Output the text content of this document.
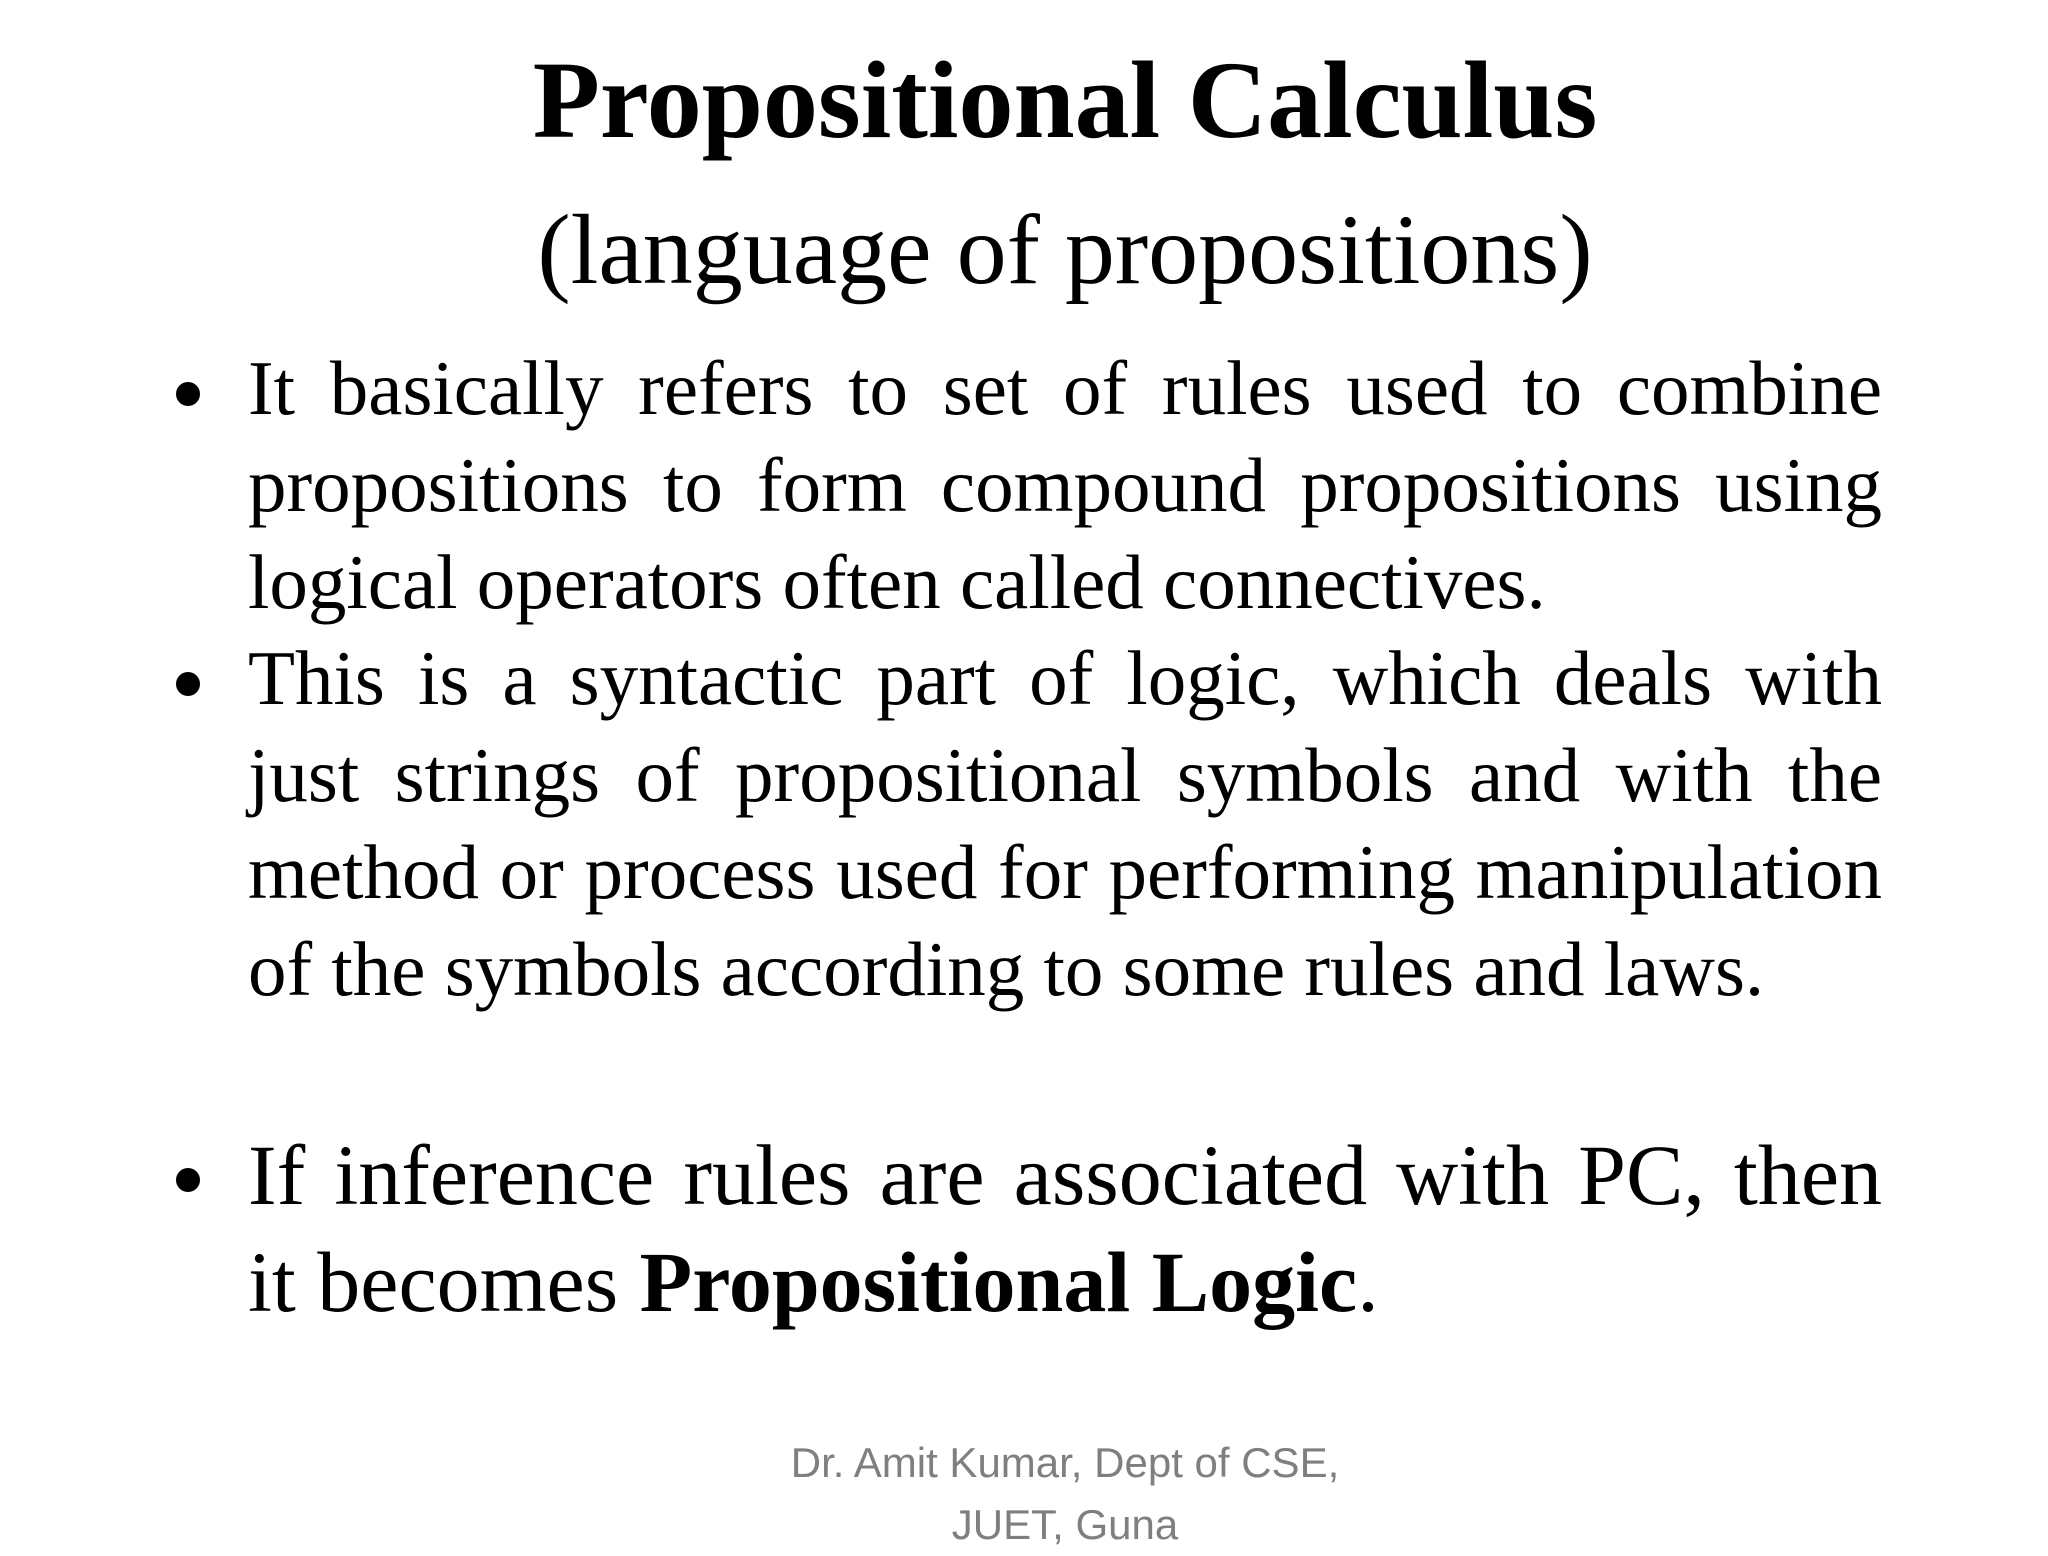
Propositional Calculus
(language of propositions)
It basically refers to set of rules used to combine propositions to form compound propositions using logical operators often called connectives.
This is a syntactic part of logic, which deals with just strings of propositional symbols and with the method or process used for performing manipulation of the symbols according to some rules and laws.
If inference rules are associated with PC, then it becomes Propositional Logic.
Dr. Amit Kumar, Dept of CSE,
JUET, Guna
